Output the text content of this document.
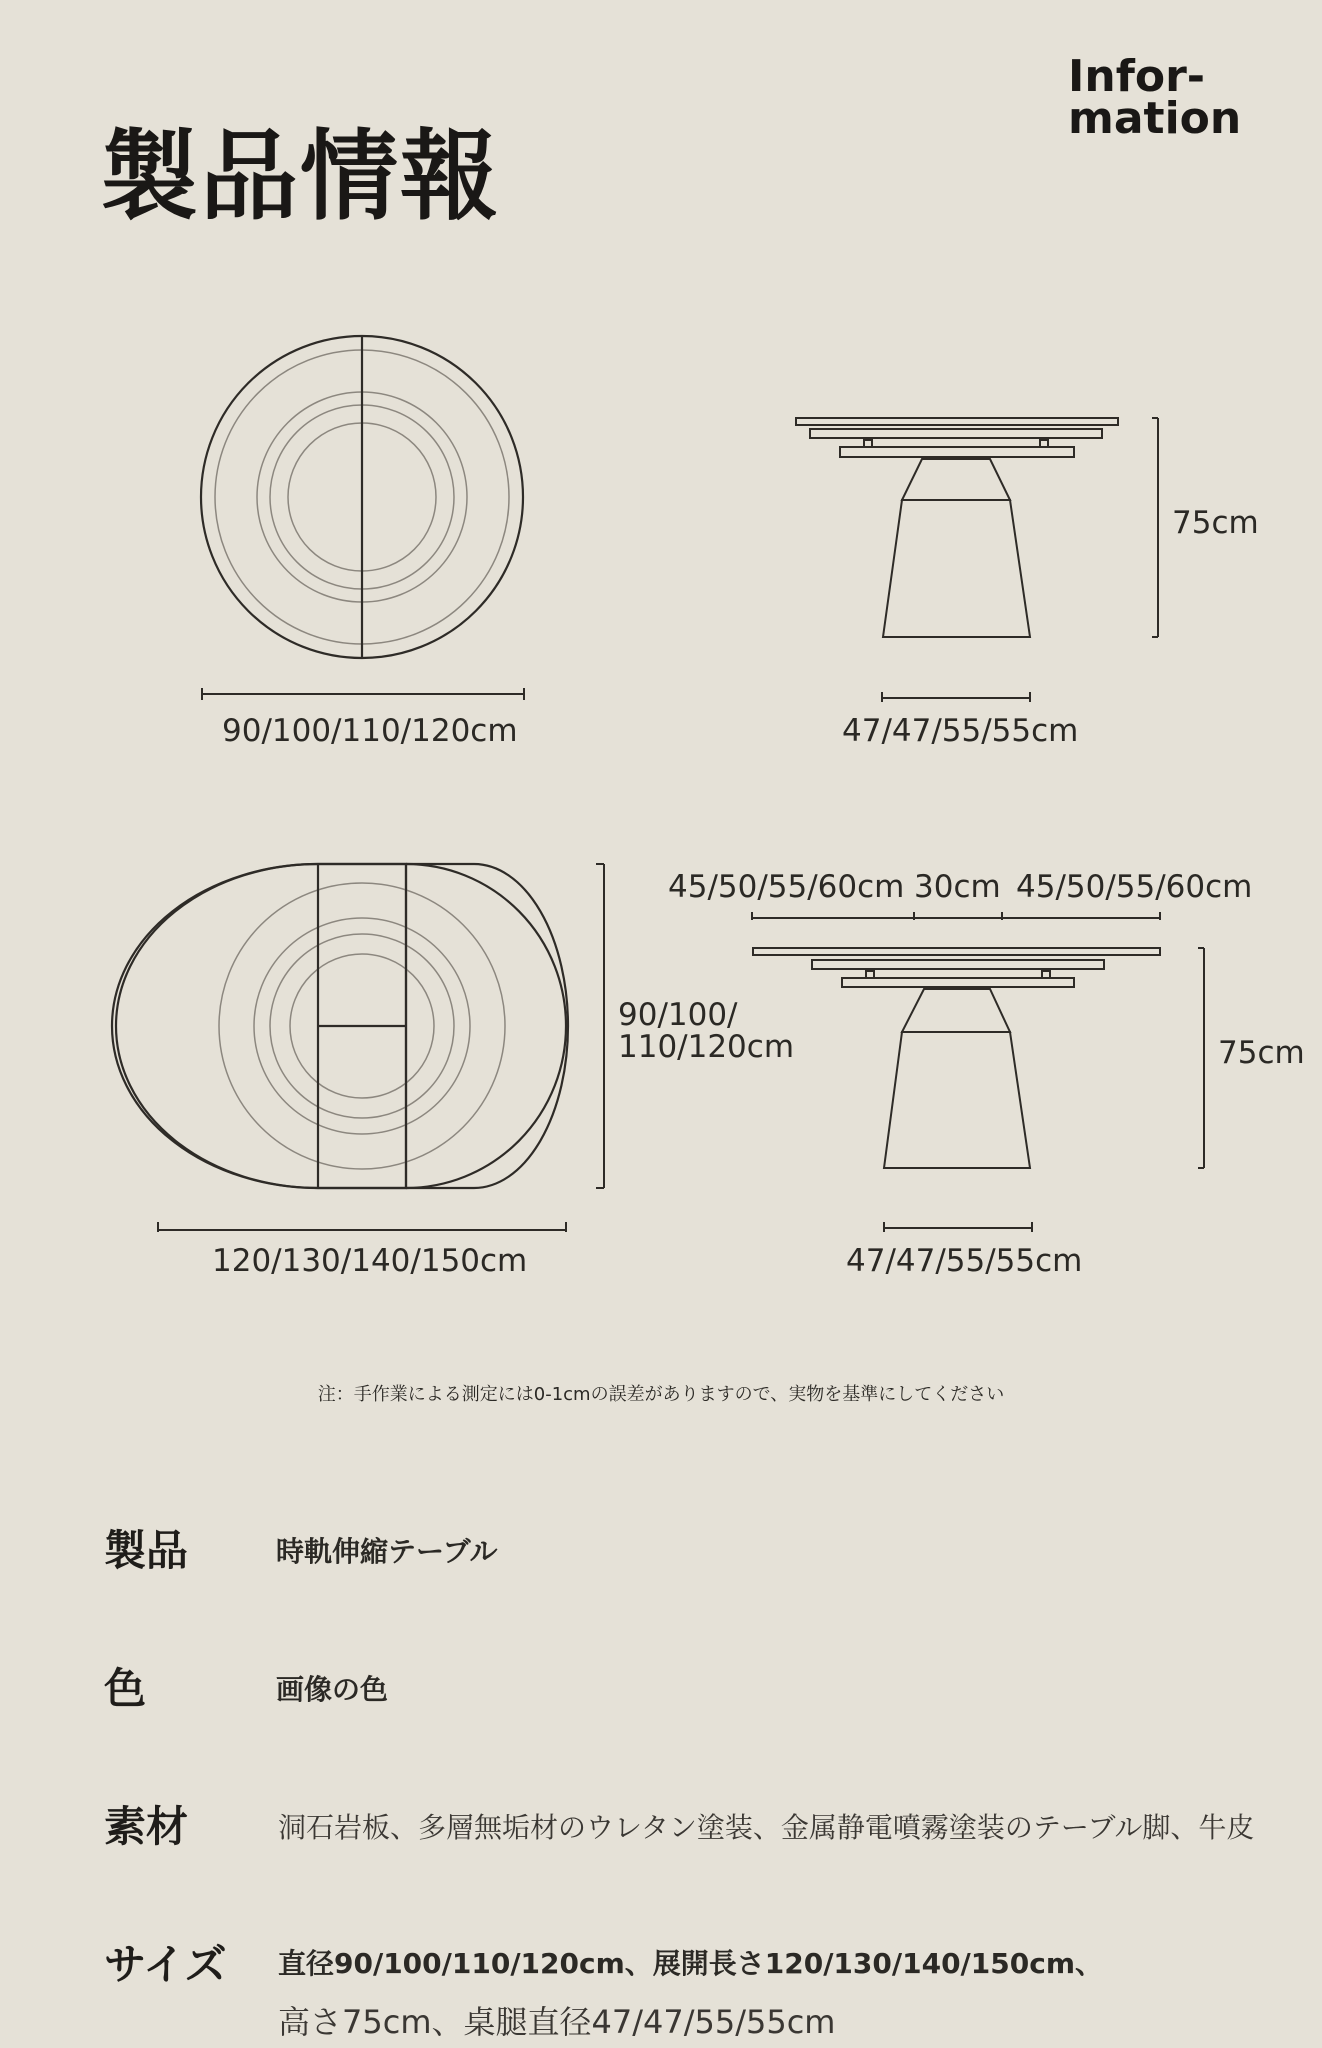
製品情報
Infor-
mation
90/100/110/120cm	47/47/55/55cm
75cm
120/130/140/150cm
90/100/
110/120cm
45/50/55/60cm 30cm 45/50/55/60cm
75cm
47/47/55/55cm
注：手作業による測定には0-1cmの誤差がありますので、実物を基準にしてください
製品	時軌伸縮テーブル
色	画像の色
素材	洞石岩板、多層無垢材のウレタン塗装、金属静電噴霧塗装のテーブル脚、牛皮
サイズ 直径90/100/110/120cm、展開長さ120/130/140/150cm、
高さ75cm、桌腿直径47/47/55/55cm
